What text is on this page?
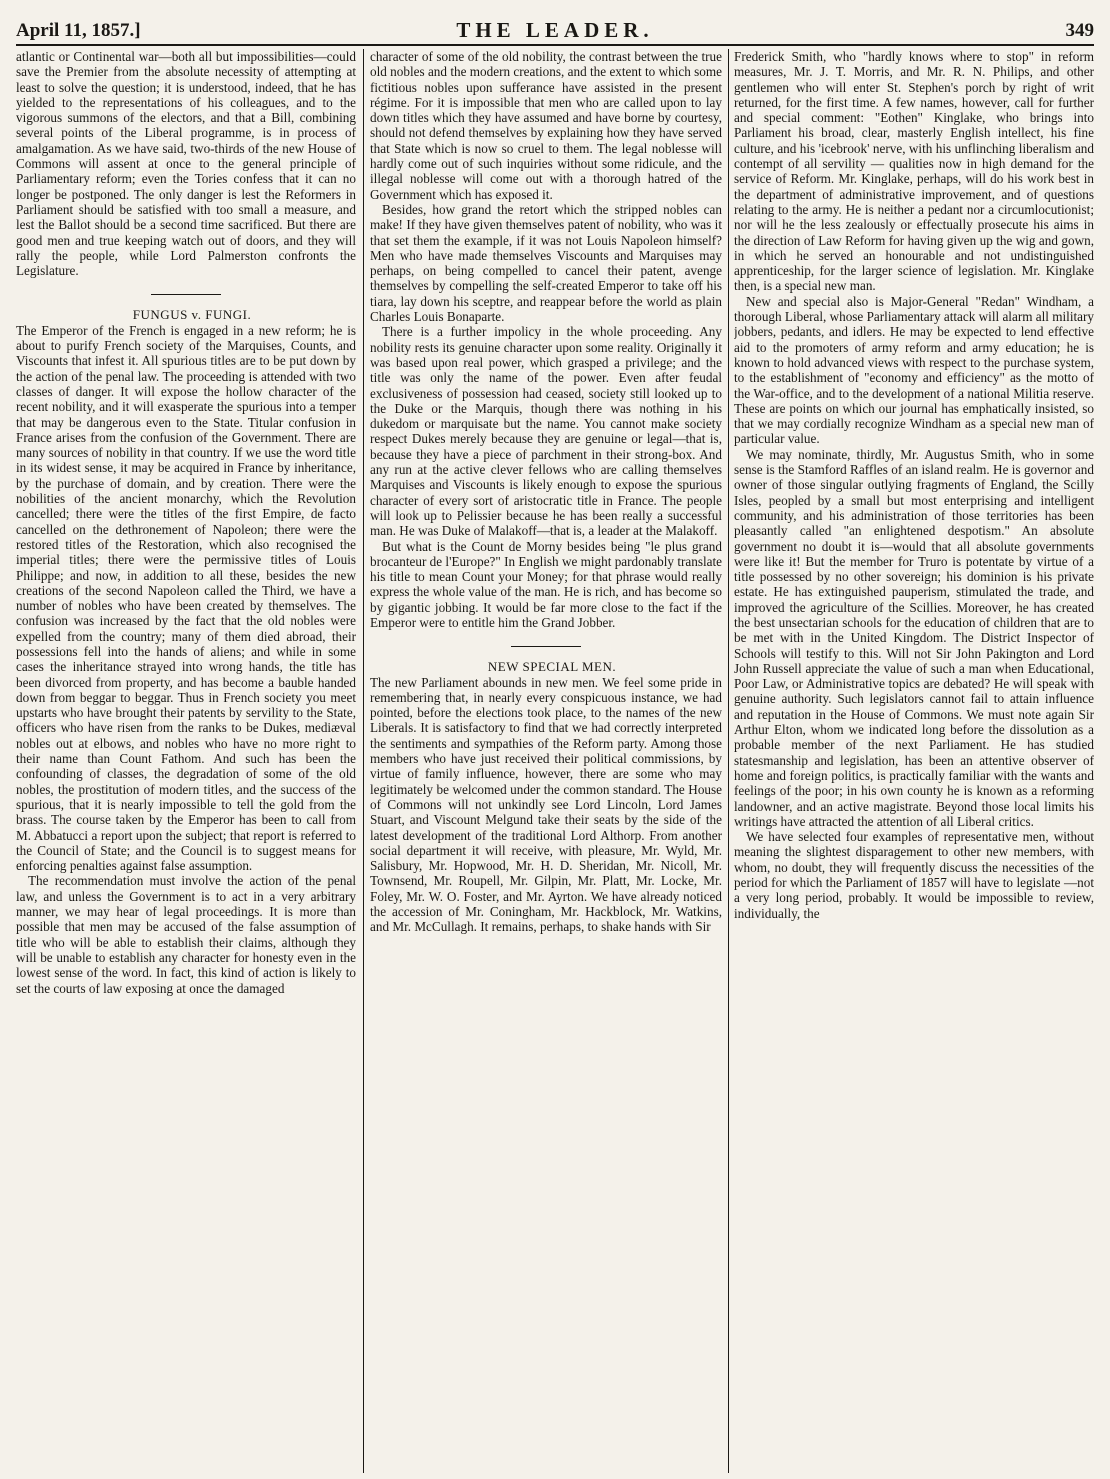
April 11, 1857.]	THE LEADER.	349

atlantic or Continental war—both all but impossibilities—could save the Premier from the absolute necessity of attempting at least to solve the question; it is understood, indeed, that he has yielded to the representations of his colleagues, and to the vigorous summons of the electors, and that a Bill, combining several points of the Liberal programme, is in process of amalgamation. As we have said, two-thirds of the new House of Commons will assent at once to the general principle of Parliamentary reform; even the Tories confess that it can no longer be postponed. The only danger is lest the Reformers in Parliament should be satisfied with too small a measure, and lest the Ballot should be a second time sacrificed. But there are good men and true keeping watch out of doors, and they will rally the people, while Lord Palmerston confronts the Legislature.

FUNGUS v. FUNGI.

The Emperor of the French is engaged in a new reform; he is about to purify French society of the Marquises, Counts, and Viscounts that infest it. All spurious titles are to be put down by the action of the penal law. The proceeding is attended with two classes of danger. It will expose the hollow character of the recent nobility, and it will exasperate the spurious into a temper that may be dangerous even to the State. Titular confusion in France arises from the confusion of the Government. There are many sources of nobility in that country. If we use the word title in its widest sense, it may be acquired in France by inheritance, by the purchase of domain, and by creation. There were the nobilities of the ancient monarchy, which the Revolution cancelled; there were the titles of the first Empire, de facto cancelled on the dethronement of Napoleon; there were the restored titles of the Restoration, which also recognised the imperial titles; there were the permissive titles of Louis Philippe; and now, in addition to all these, besides the new creations of the second Napoleon called the Third, we have a number of nobles who have been created by themselves. The confusion was increased by the fact that the old nobles were expelled from the country; many of them died abroad, their possessions fell into the hands of aliens; and while in some cases the inheritance strayed into wrong hands, the title has been divorced from property, and has become a bauble handed down from beggar to beggar. Thus in French society you meet upstarts who have brought their patents by servility to the State, officers who have risen from the ranks to be Dukes, mediæval nobles out at elbows, and nobles who have no more right to their name than Count Fathom. And such has been the confounding of classes, the degradation of some of the old nobles, the prostitution of modern titles, and the success of the spurious, that it is nearly impossible to tell the gold from the brass. The course taken by the Emperor has been to call from M. Abbatucci a report upon the subject; that report is referred to the Council of State; and the Council is to suggest means for enforcing penalties against false assumption.

The recommendation must involve the action of the penal law, and unless the Government is to act in a very arbitrary manner, we may hear of legal proceedings. It is more than possible that men may be accused of the false assumption of title who will be able to establish their claims, although they will be unable to establish any character for honesty even in the lowest sense of the word. In fact, this kind of action is likely to set the courts of law exposing at once the damaged

character of some of the old nobility, the contrast between the true old nobles and the modern creations, and the extent to which some fictitious nobles upon sufferance have assisted in the present régime. For it is impossible that men who are called upon to lay down titles which they have assumed and have borne by courtesy, should not defend themselves by explaining how they have served that State which is now so cruel to them. The legal noblesse will hardly come out of such inquiries without some ridicule, and the illegal noblesse will come out with a thorough hatred of the Government which has exposed it.

Besides, how grand the retort which the stripped nobles can make! If they have given themselves patent of nobility, who was it that set them the example, if it was not Louis Napoleon himself? Men who have made themselves Viscounts and Marquises may perhaps, on being compelled to cancel their patent, avenge themselves by compelling the self-created Emperor to take off his tiara, lay down his sceptre, and reappear before the world as plain Charles Louis Bonaparte.

There is a further impolicy in the whole proceeding. Any nobility rests its genuine character upon some reality. Originally it was based upon real power, which grasped a privilege; and the title was only the name of the power. Even after feudal exclusiveness of possession had ceased, society still looked up to the Duke or the Marquis, though there was nothing in his dukedom or marquisate but the name. You cannot make society respect Dukes merely because they are genuine or legal—that is, because they have a piece of parchment in their strong-box. And any run at the active clever fellows who are calling themselves Marquises and Viscounts is likely enough to expose the spurious character of every sort of aristocratic title in France. The people will look up to Pelissier because he has been really a successful man. He was Duke of Malakoff—that is, a leader at the Malakoff.

But what is the Count de Morny besides being "le plus grand brocanteur de l'Europe?" In English we might pardonably translate his title to mean Count your Money; for that phrase would really express the whole value of the man. He is rich, and has become so by gigantic jobbing. It would be far more close to the fact if the Emperor were to entitle him the Grand Jobber.

NEW SPECIAL MEN.

The new Parliament abounds in new men. We feel some pride in remembering that, in nearly every conspicuous instance, we had pointed, before the elections took place, to the names of the new Liberals. It is satisfactory to find that we had correctly interpreted the sentiments and sympathies of the Reform party. Among those members who have just received their political commissions, by virtue of family influence, however, there are some who may legitimately be welcomed under the common standard. The House of Commons will not unkindly see Lord Lincoln, Lord James Stuart, and Viscount Melgund take their seats by the side of the latest development of the traditional Lord Althorp. From another social department it will receive, with pleasure, Mr. Wyld, Mr. Salisbury, Mr. Hopwood, Mr. H. D. Sheridan, Mr. Nicoll, Mr. Townsend, Mr. Roupell, Mr. Gilpin, Mr. Platt, Mr. Locke, Mr. Foley, Mr. W. O. Foster, and Mr. Ayrton. We have already noticed the accession of Mr. Coningham, Mr. Hackblock, Mr. Watkins, and Mr. McCullagh. It remains, perhaps, to shake hands with Sir

Frederick Smith, who "hardly knows where to stop" in reform measures, Mr. J. T. Morris, and Mr. R. N. Philips, and other gentlemen who will enter St. Stephen's porch by right of writ returned, for the first time. A few names, however, call for further and special comment: "Eothen" Kinglake, who brings into Parliament his broad, clear, masterly English intellect, his fine culture, and his 'icebrook' nerve, with his unflinching liberalism and contempt of all servility — qualities now in high demand for the service of Reform. Mr. Kinglake, perhaps, will do his work best in the department of administrative improvement, and of questions relating to the army. He is neither a pedant nor a circumlocutionist; nor will he the less zealously or effectually prosecute his aims in the direction of Law Reform for having given up the wig and gown, in which he served an honourable and not undistinguished apprenticeship, for the larger science of legislation. Mr. Kinglake then, is a special new man.

New and special also is Major-General "Redan" Windham, a thorough Liberal, whose Parliamentary attack will alarm all military jobbers, pedants, and idlers. He may be expected to lend effective aid to the promoters of army reform and army education; he is known to hold advanced views with respect to the purchase system, to the establishment of "economy and efficiency" as the motto of the War-office, and to the development of a national Militia reserve. These are points on which our journal has emphatically insisted, so that we may cordially recognize Windham as a special new man of particular value.

We may nominate, thirdly, Mr. Augustus Smith, who in some sense is the Stamford Raffles of an island realm. He is governor and owner of those singular outlying fragments of England, the Scilly Isles, peopled by a small but most enterprising and intelligent community, and his administration of those territories has been pleasantly called "an enlightened despotism." An absolute government no doubt it is—would that all absolute governments were like it! But the member for Truro is potentate by virtue of a title possessed by no other sovereign; his dominion is his private estate. He has extinguished pauperism, stimulated the trade, and improved the agriculture of the Scillies. Moreover, he has created the best unsectarian schools for the education of children that are to be met with in the United Kingdom. The District Inspector of Schools will testify to this. Will not Sir John Pakington and Lord John Russell appreciate the value of such a man when Educational, Poor Law, or Administrative topics are debated? He will speak with genuine authority. Such legislators cannot fail to attain influence and reputation in the House of Commons. We must note again Sir Arthur Elton, whom we indicated long before the dissolution as a probable member of the next Parliament. He has studied statesmanship and legislation, has been an attentive observer of home and foreign politics, is practically familiar with the wants and feelings of the poor; in his own county he is known as a reforming landowner, and an active magistrate. Beyond those local limits his writings have attracted the attention of all Liberal critics.

We have selected four examples of representative men, without meaning the slightest disparagement to other new members, with whom, no doubt, they will frequently discuss the necessities of the period for which the Parliament of 1857 will have to legislate —not a very long period, probably. It would be impossible to review, individually, the
